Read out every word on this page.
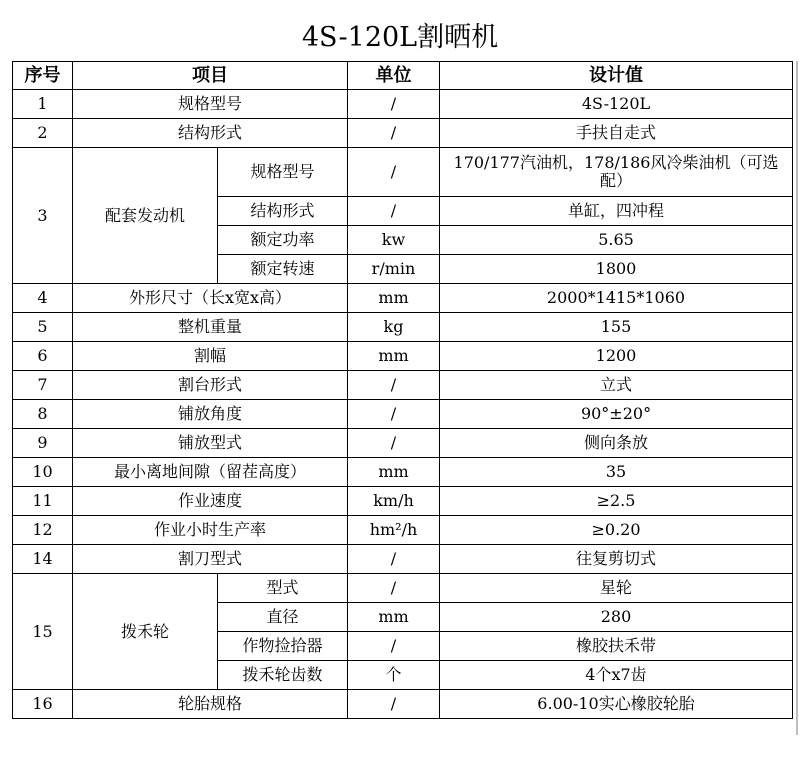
4S-120L割晒机
序号	项目		单位	设计值
1	规格型号		/	4S-120L
2	结构形式		/	手扶自走式
3	配套发动机	规格型号	/	170/177汽油机，178/186风冷柴油机（可选配）
		结构形式	/	单缸，四冲程
		额定功率	kw	5.65
		额定转速	r/min	1800
4	外形尺寸（长x宽x高）		mm	2000*1415*1060
5	整机重量		kg	155
6	割幅		mm	1200
7	割台形式		/	立式
8	铺放角度		/	90°±20°
9	铺放型式		/	侧向条放
10	最小离地间隙（留茬高度）		mm	35
11	作业速度		km/h	≥2.5
12	作业小时生产率		hm²/h	≥0.20
14	割刀型式		/	往复剪切式
15	拨禾轮	型式	/	星轮
		直径	mm	280
		作物捡拾器	/	橡胶扶禾带
		拨禾轮齿数	个	4个x7齿
16	轮胎规格		/	6.00-10实心橡胶轮胎
